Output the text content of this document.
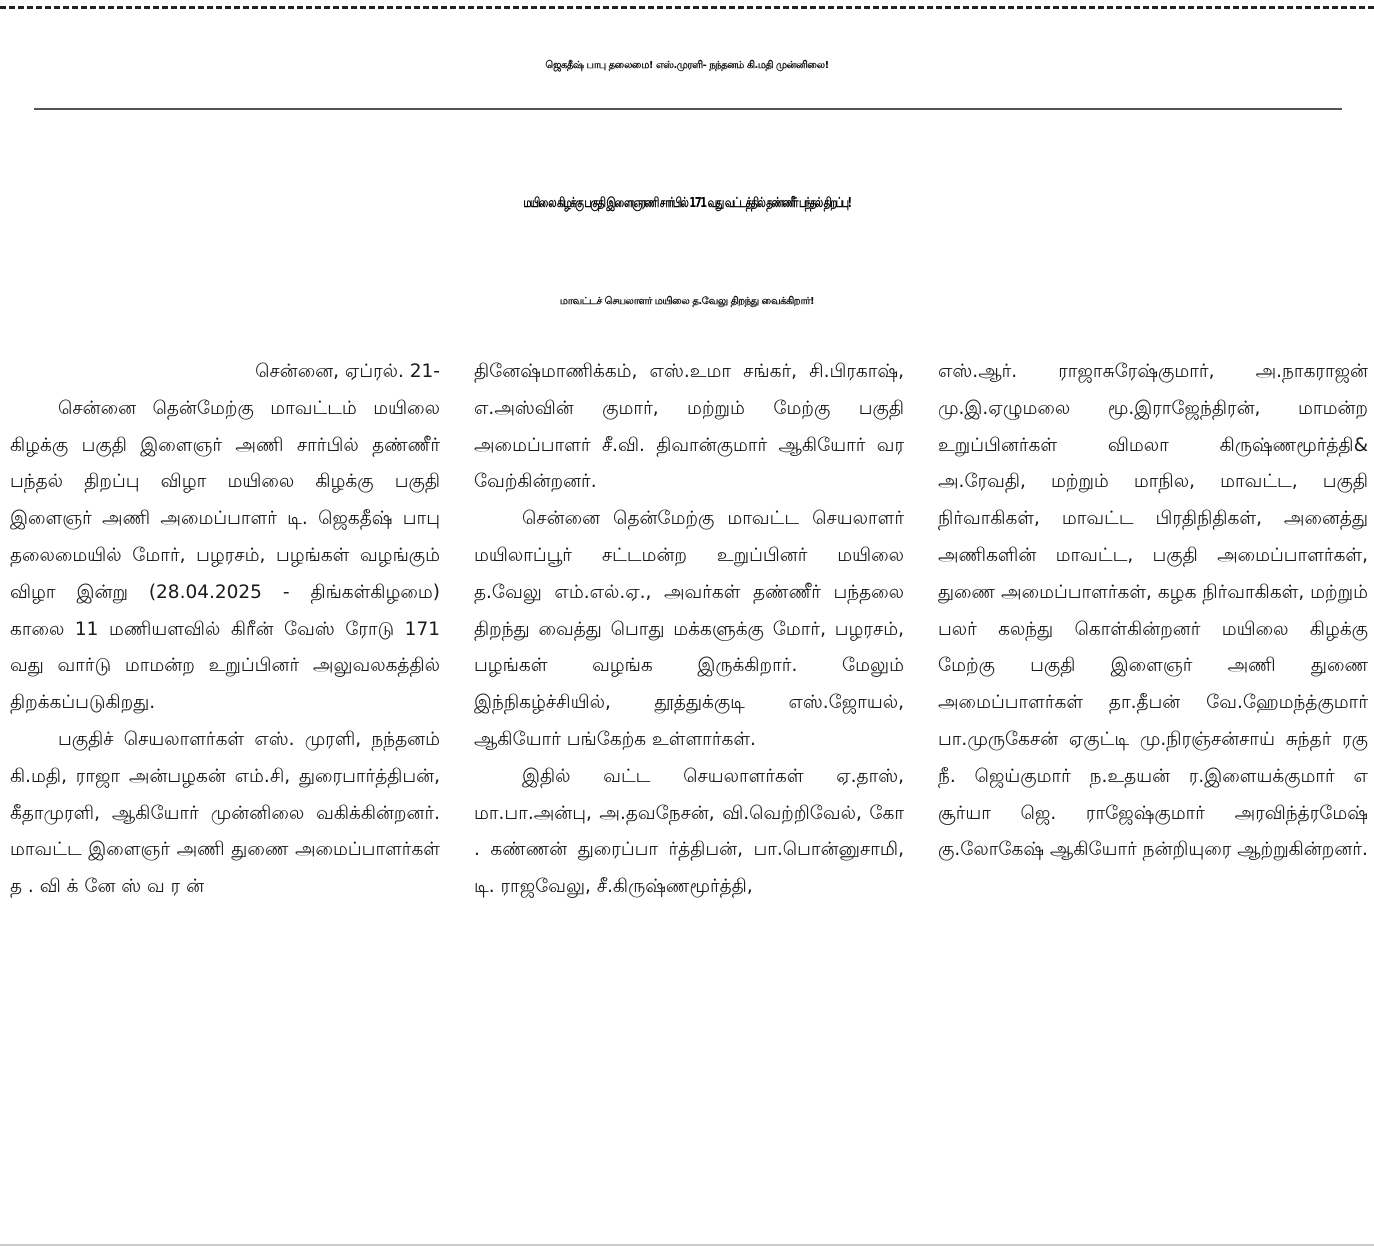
ஜெகதீஷ் பாபு தலைமை! எஸ்.முரளி- நந்தனம் கி.மதி முன்னிலை!
மயிலை கிழக்கு பகுதி இளைஞரணி சார்பில் 171 வது வட்டத்தில் தண்ணீர் பந்தல் திறப்பு!
மாவட்டச் செயலாளர் மயிலை த.வேலு திறந்து வைக்கிறார்!

சென்னை, ஏப்ரல். 21-

சென்னை தென்மேற்கு மாவட்டம் மயிலை கிழக்கு பகுதி இளைஞர் அணி சார்பில் தண்ணீர் பந்தல் திறப்பு விழா மயிலை கிழக்கு பகுதி இளைஞர் அணி அமைப்பாளர் டி. ஜெகதீஷ் பாபு தலைமையில் மோர், பழரசம், பழங்கள் வழங்கும் விழா இன்று (28.04.2025 - திங்கள்கிழமை) காலை 11 மணியளவில் கிரீன் வேஸ் ரோடு 171 வது வார்டு மாமன்ற உறுப்பினர் அலுவலகத்தில் திறக்கப்படுகிறது.

பகுதிச் செயலாளர்கள் எஸ். முரளி, நந்தனம் கி.மதி, ராஜா அன்பழகன் எம்.சி, துரைபார்த்திபன், கீதாமுரளி, ஆகியோர் முன்னிலை வகிக்கின்றனர். மாவட்ட இளைஞர் அணி துணை அமைப்பாளர்கள் த . வி க் னே ஸ் வ ர ன்

தினேஷ்மாணிக்கம், எஸ்.உமா சங்கர், சி.பிரகாஷ், எ.அஸ்வின் குமார், மற்றும் மேற்கு பகுதி அமைப்பாளர் சீ.வி. திவான்குமார் ஆகியோர் வர வேற்கின்றனர்.

சென்னை தென்மேற்கு மாவட்ட செயலாளர் மயிலாப்பூர் சட்டமன்ற உறுப்பினர் மயிலை த.வேலு எம்.எல்.ஏ., அவர்கள் தண்ணீர் பந்தலை திறந்து வைத்து பொது மக்களுக்கு மோர், பழரசம், பழங்கள் வழங்க இருக்கிறார். மேலும் இந்நிகழ்ச்சியில், தூத்துக்குடி எஸ்.ஜோயல், ஆகியோர் பங்கேற்க உள்ளார்கள்.

இதில் வட்ட செயலாளர்கள் ஏ.தாஸ், மா.பா.அன்பு, அ.தவநேசன், வி.வெற்றிவேல், கோ . கண்ணன் துரைப்பா ர்த்திபன், பா.பொன்னுசாமி, டி. ராஜவேலு, சீ.கிருஷ்ணமூர்த்தி,

எஸ்.ஆர். ராஜாசுரேஷ்குமார், அ.நாகராஜன் மு.இ.ஏழுமலை மூ.இராஜேந்திரன், மாமன்ற உறுப்பினர்கள் விமலா கிருஷ்ணமூர்த்தி& அ.ரேவதி, மற்றும் மாநில, மாவட்ட, பகுதி நிர்வாகிகள், மாவட்ட பிரதிநிதிகள், அனைத்து அணிகளின் மாவட்ட, பகுதி அமைப்பாளர்கள், துணை அமைப்பாளர்கள், கழக நிர்வாகிகள், மற்றும் பலர் கலந்து கொள்கின்றனர் மயிலை கிழக்கு மேற்கு பகுதி இளைஞர் அணி துணை அமைப்பாளர்கள் தா.தீபன் வே.ஹேமந்த்குமார் பா.முருகேசன் ஏகுட்டி மு.நிரஞ்சன்சாய் சுந்தர் ரகு நீ. ஜெய்குமார் ந.உதயன் ர.இளையக்குமார் எ சூர்யா ஜெ. ராஜேஷ்குமார் அரவிந்த்ரமேஷ் கு.லோகேஷ் ஆகியோர் நன்றியுரை ஆற்றுகின்றனர்.
